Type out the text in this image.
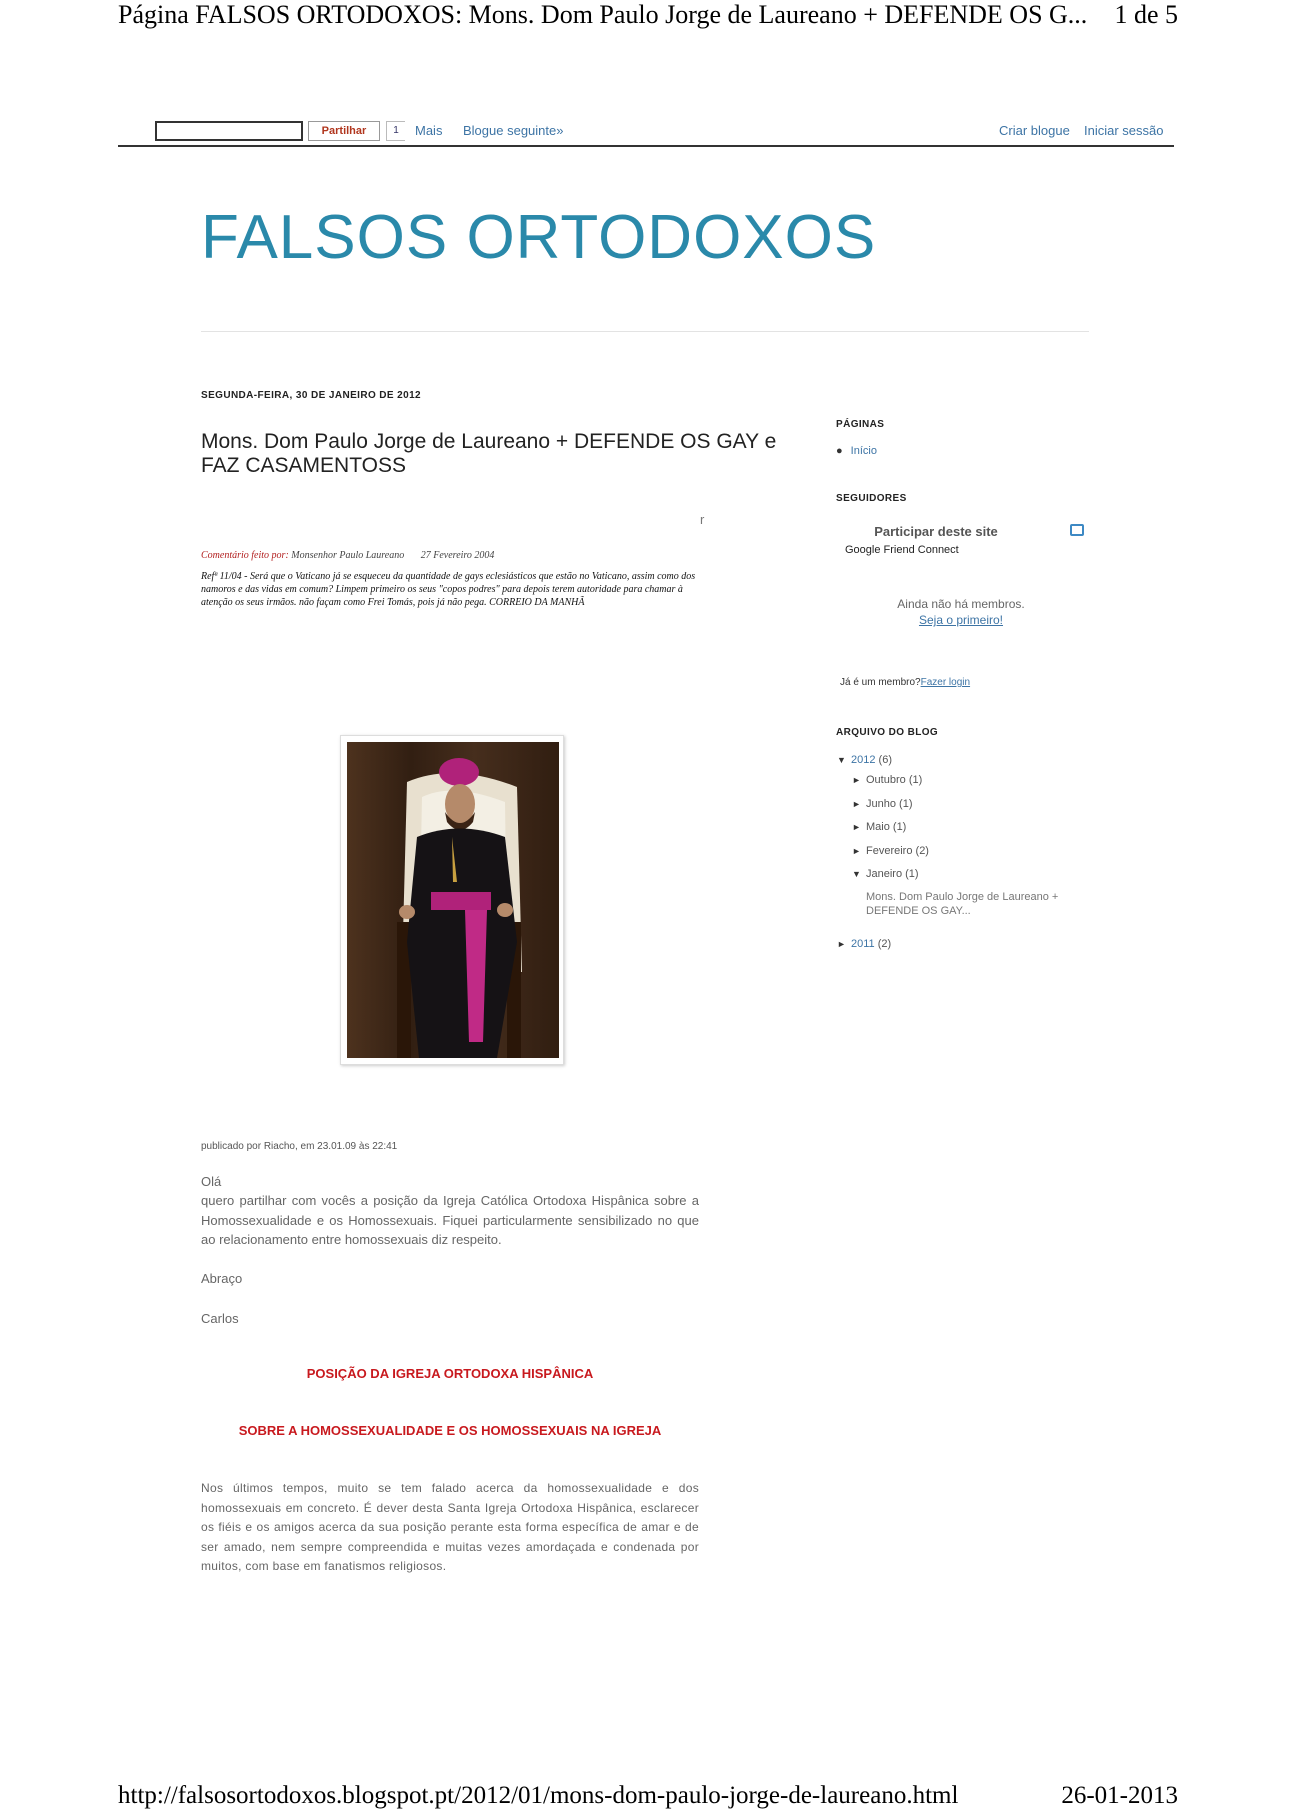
Página FALSOS ORTODOXOS: Mons. Dom Paulo Jorge de Laureano + DEFENDE OS G... 1 de 5
Partilhar	1	Mais Blogue seguinte»	Criar blogue Iniciar sessão
FALSOS ORTODOXOS
SEGUNDA-FEIRA, 30 DE JANEIRO DE 2012
Mons. Dom Paulo Jorge de Laureano + DEFENDE OS GAY e FAZ CASAMENTOSS
r
Comentário feito por: Monsenhor Paulo Laureano 27 Fevereiro 2004
Refª 11/04 - Será que o Vaticano já se esqueceu da quantidade de gays eclesiásticos que estão no Vaticano, assim como dos namoros e das vidas em comum? Limpem primeiro os seus "copos podres" para depois terem autoridade para chamar à atenção os seus irmãos. não façam como Frei Tomás, pois já não pega. CORREIO DA MANHÃ
publicado por Riacho, em 23.01.09 às 22:41
Olá
quero partilhar com vocês a posição da Igreja Católica Ortodoxa Hispânica sobre a Homossexualidade e os Homossexuais. Fiquei particularmente sensibilizado no que ao relacionamento entre homossexuais diz respeito.
Abraço
Carlos
POSIÇÃO DA IGREJA ORTODOXA HISPÂNICA
SOBRE A HOMOSSEXUALIDADE E OS HOMOSSEXUAIS NA IGREJA
Nos últimos tempos, muito se tem falado acerca da homossexualidade e dos homossexuais em concreto. É dever desta Santa Igreja Ortodoxa Hispânica, esclarecer os fiéis e os amigos acerca da sua posição perante esta forma específica de amar e de ser amado, nem sempre compreendida e muitas vezes amordaçada e condenada por muitos, com base em fanatismos religiosos.
PÁGINAS
● Início
SEGUIDORES
Participar deste site
Google Friend Connect
Ainda não há membros.
Seja o primeiro!
Já é um membro?Fazer login
ARQUIVO DO BLOG
▼ 2012 (6)
► Outubro (1)
► Junho (1)
► Maio (1)
► Fevereiro (2)
▼ Janeiro (1)
Mons. Dom Paulo Jorge de Laureano + DEFENDE OS GAY...
► 2011 (2)
http://falsosortodoxos.blogspot.pt/2012/01/mons-dom-paulo-jorge-de-laureano.html	26-01-2013
